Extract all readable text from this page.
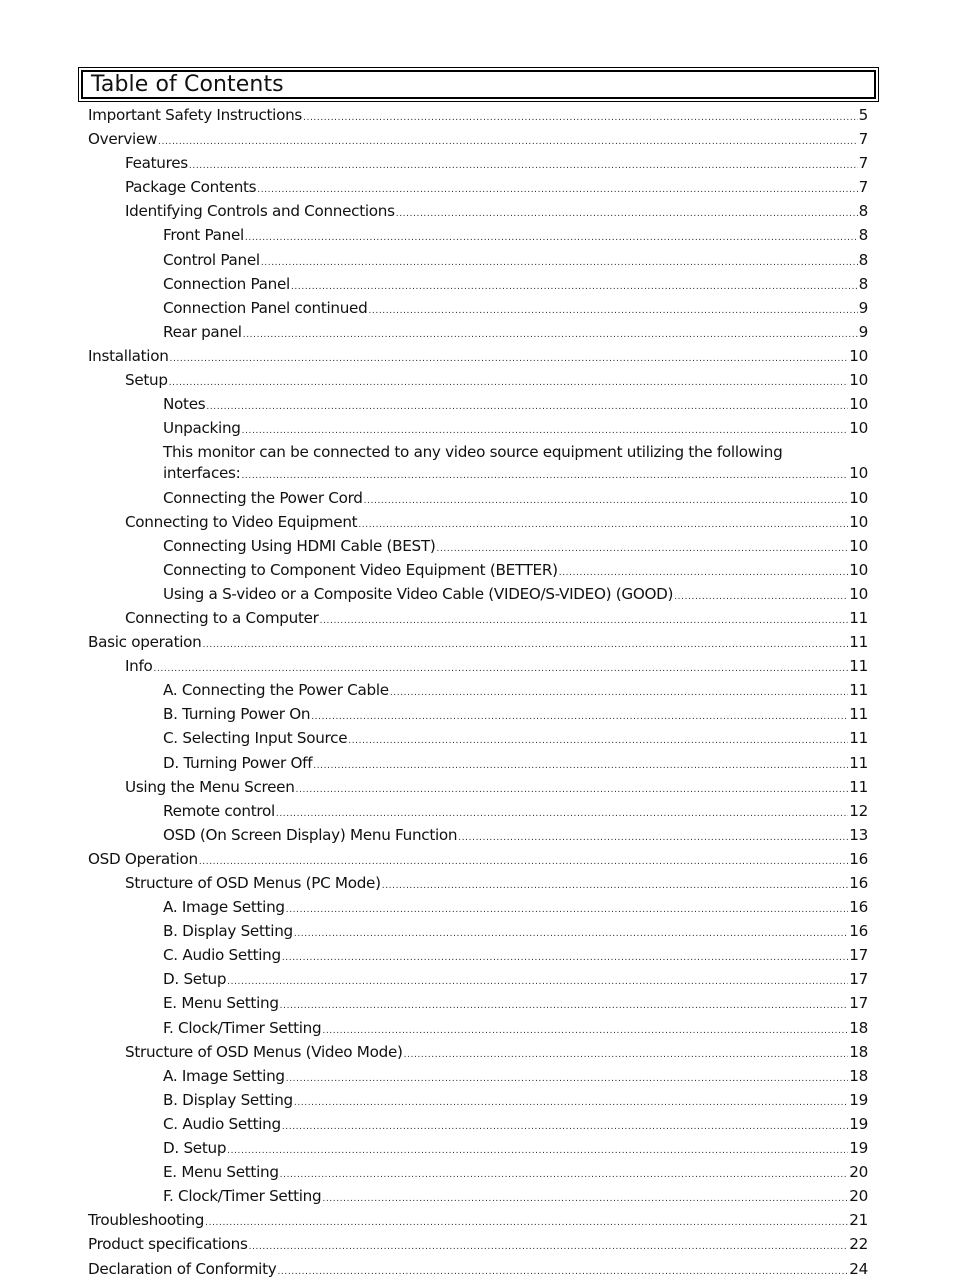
Table of Contents
Important Safety Instructions .....	5
Overview .....	7
Features .....	7
Package Contents .....	7
Identifying Controls and Connections .....	8
Front Panel .....	8
Control Panel .....	8
Connection Panel .....	8
Connection Panel continued .....	9
Rear panel .....	9
Installation .....	10
Setup .....	10
Notes .....	10
Unpacking .....	10
This monitor can be connected to any video source equipment utilizing the following
interfaces: .....	10
Connecting the Power Cord .....	10
Connecting to Video Equipment .....	10
Connecting Using HDMI Cable (BEST) .....	10
Connecting to Component Video Equipment (BETTER) .....	10
Using a S-video or a Composite Video Cable (VIDEO/S-VIDEO) (GOOD) .....	10
Connecting to a Computer .....	11
Basic operation .....	11
Info .....	11
A. Connecting the Power Cable .....	11
B. Turning Power On .....	11
C. Selecting Input Source .....	11
D. Turning Power Off .....	11
Using the Menu Screen .....	11
Remote control .....	12
OSD (On Screen Display) Menu Function .....	13
OSD Operation .....	16
Structure of OSD Menus (PC Mode) .....	16
A. Image Setting .....	16
B. Display Setting .....	16
C. Audio Setting .....	17
D. Setup .....	17
E. Menu Setting .....	17
F. Clock/Timer Setting .....	18
Structure of OSD Menus (Video Mode) .....	18
A. Image Setting .....	18
B. Display Setting .....	19
C. Audio Setting .....	19
D. Setup .....	19
E. Menu Setting .....	20
F. Clock/Timer Setting .....	20
Troubleshooting .....	21
Product specifications .....	22
Declaration of Conformity .....	24
